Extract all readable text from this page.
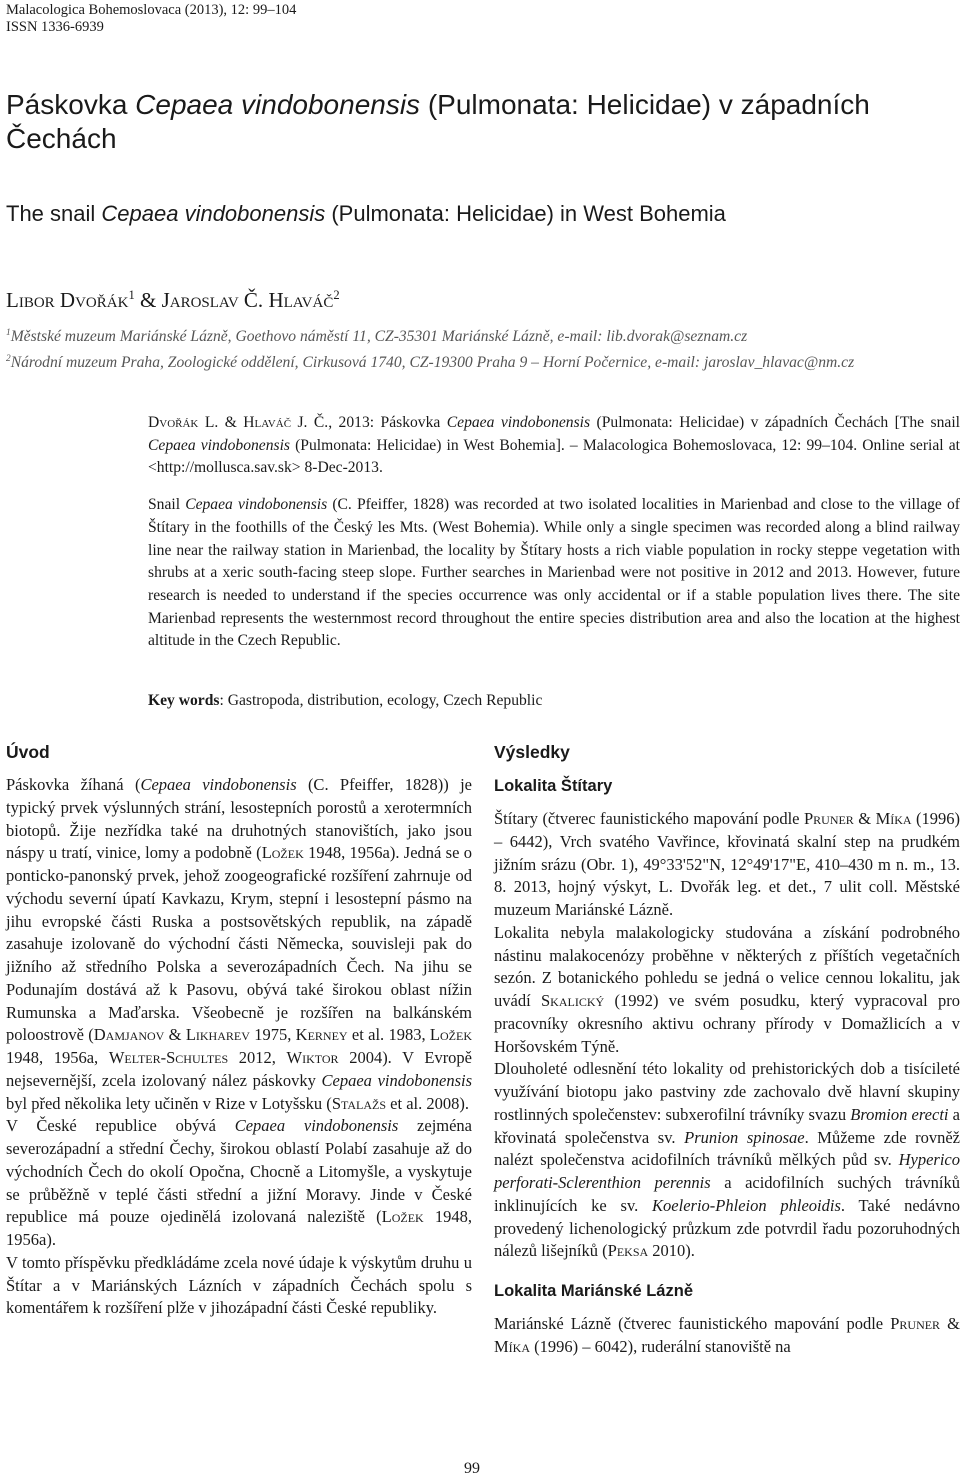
Malacologica Bohemoslovaca (2013), 12: 99–104
ISSN 1336-6939
Páskovka Cepaea vindobonensis (Pulmonata: Helicidae) v západních Čechách
The snail Cepaea vindobonensis (Pulmonata: Helicidae) in West Bohemia
Libor Dvořák$^1$ & Jaroslav Č. Hlaváč$^2$
$^1$Městské muzeum Mariánské Lázně, Goethovo náměstí 11, CZ-35301 Mariánské Lázně, e-mail: lib.dvorak@seznam.cz
$^2$Národní muzeum Praha, Zoologické oddělení, Cirkusová 1740, CZ-19300 Praha 9 – Horní Počernice, e-mail: jaroslav_hlavac@nm.cz

Dvořák L. & Hlaváč J. Č., 2013: Páskovka Cepaea vindobonensis (Pulmonata: Helicidae) v západních Čechách [The snail Cepaea vindobonensis (Pulmonata: Helicidae) in West Bohemia]. – Malacologica Bohemoslovaca, 12: 99–104. Online serial at <http://mollusca.sav.sk> 8-Dec-2013.

Snail Cepaea vindobonensis (C. Pfeiffer, 1828) was recorded at two isolated localities in Marienbad and close to the village of Štítary in the foothills of the Český les Mts. (West Bohemia). While only a single specimen was recorded along a blind railway line near the railway station in Marienbad, the locality by Štítary hosts a rich viable population in rocky steppe vegetation with shrubs at a xeric south-facing steep slope. Further searches in Marienbad were not positive in 2012 and 2013. However, future research is needed to understand if the species occurrence was only accidental or if a stable population lives there. The site Marienbad represents the westernmost record throughout the entire species distribution area and also the location at the highest altitude in the Czech Republic.

Key words: Gastropoda, distribution, ecology, Czech Republic
Úvod

Páskovka žíhaná (Cepaea vindobonensis (C. Pfeiffer, 1828)) je typický prvek výslunných strání, lesostepních porostů a xerotermních biotopů. Žije nezřídka také na druhotných stanovištích, jako jsou náspy u tratí, vinice, lomy a podobně (Ložek 1948, 1956a). Jedná se o ponticko-panonský prvek, jehož zoogeografické rozšíření zahrnuje od východu severní úpatí Kavkazu, Krym, stepní i lesostepní pásmo na jihu evropské části Ruska a postsovětských republik, na západě zasahuje izolovaně do východní části Německa, souvisleji pak do jižního až středního Polska a severozápadních Čech. Na jihu se Podunajím dostává až k Pasovu, obývá také širokou oblast nížin Rumunska a Maďarska. Všeobecně je rozšířen na balkánském poloostrově (Damjanov & Likharev 1975, Kerney et al. 1983, Ložek 1948, 1956a, Welter-Schultes 2012, Wiktor 2004). V Evropě nejsevernější, zcela izolovaný nález páskovky Cepaea vindobonensis byl před několika lety učiněn v Rize v Lotyšsku (Stalažs et al. 2008).

V České republice obývá Cepaea vindobonensis zejména severozápadní a střední Čechy, širokou oblastí Polabí zasahuje až do východních Čech do okolí Opočna, Chocně a Litomyšle, a vyskytuje se průběžně v teplé části střední a jižní Moravy. Jinde v České republice má pouze ojedinělá izolovaná naleziště (Ložek 1948, 1956a).

V tomto příspěvku předkládáme zcela nové údaje k výskytům druhu u Štítar a v Mariánských Lázních v západních Čechách spolu s komentářem k rozšíření plže v jihozápadní části České republiky.

Výsledky
Lokalita Štítary

Štítary (čtverec faunistického mapování podle Pruner & Míka (1996) – 6442), Vrch svatého Vavřince, křovinatá skalní step na prudkém jižním srázu (Obr. 1), 49°33'52"N, 12°49'17"E, 410–430 m n. m., 13. 8. 2013, hojný výskyt, L. Dvořák leg. et det., 7 ulit coll. Městské muzeum Mariánské Lázně.

Lokalita nebyla malakologicky studována a získání podrobného nástinu malakocenózy proběhne v některých z příštích vegetačních sezón. Z botanického pohledu se jedná o velice cennou lokalitu, jak uvádí Skalický (1992) ve svém posudku, který vypracoval pro pracovníky okresního aktivu ochrany přírody v Domažlicích a v Horšovském Týně.

Dlouholeté odlesnění této lokality od prehistorických dob a tisícileté využívání biotopu jako pastviny zde zachovalo dvě hlavní skupiny rostlinných společenstev: subxerofilní trávníky svazu Bromion erecti a křovinatá společenstva sv. Prunion spinosae. Můžeme zde rovněž nalézt společenstva acidofilních trávníků mělkých půd sv. Hyperico perforati-Sclerenthion perennis a acidofilních suchých trávníků inklinujících ke sv. Koelerio-Phleion phleoidis. Také nedávno provedený lichenologický průzkum zde potvrdil řadu pozoruhodných nálezů lišejníků (Peksa 2010).

Lokalita Mariánské Lázně

Mariánské Lázně (čtverec faunistického mapování podle Pruner & Míka (1996) – 6042), ruderální stanoviště na

99
